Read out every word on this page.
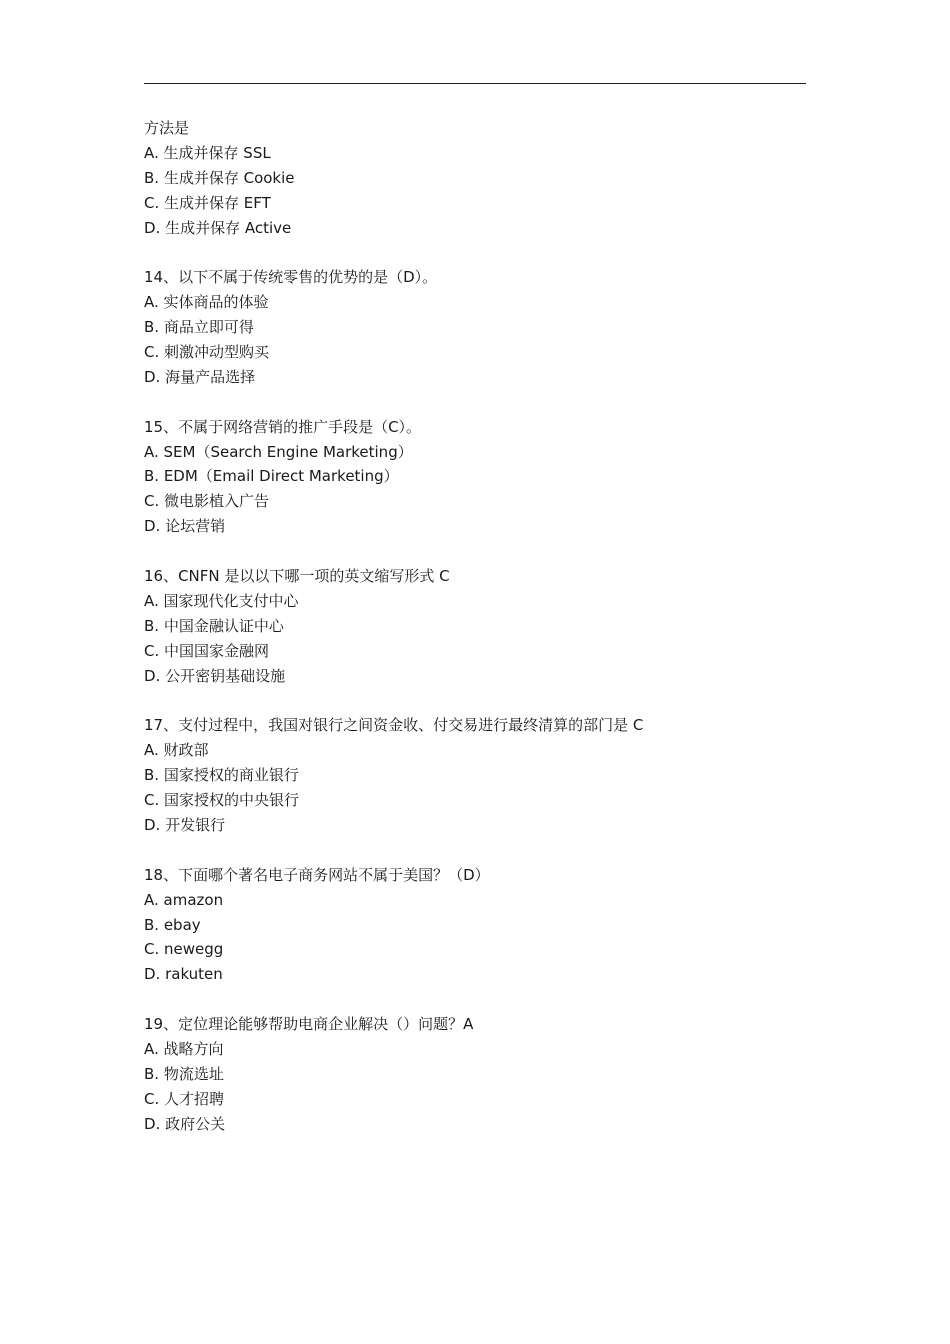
方法是
A. 生成并保存 SSL
B. 生成并保存 Cookie
C. 生成并保存 EFT
D. 生成并保存 Active
14、以下不属于传统零售的优势的是（D）。
A. 实体商品的体验
B. 商品立即可得
C. 刺激冲动型购买
D. 海量产品选择
15、不属于网络营销的推广手段是（C）。
A. SEM（Search Engine Marketing）
B. EDM（Email Direct Marketing）
C. 微电影植入广告
D. 论坛营销
16、CNFN 是以以下哪一项的英文缩写形式 C
A. 国家现代化支付中心
B. 中国金融认证中心
C. 中国国家金融网
D. 公开密钥基础设施
17、支付过程中，我国对银行之间资金收、付交易进行最终清算的部门是 C
A. 财政部
B. 国家授权的商业银行
C. 国家授权的中央银行
D. 开发银行
18、下面哪个著名电子商务网站不属于美国？（D）
A. amazon
B. ebay
C. newegg
D. rakuten
19、定位理论能够帮助电商企业解决（）问题？A
A. 战略方向
B. 物流选址
C. 人才招聘
D. 政府公关
